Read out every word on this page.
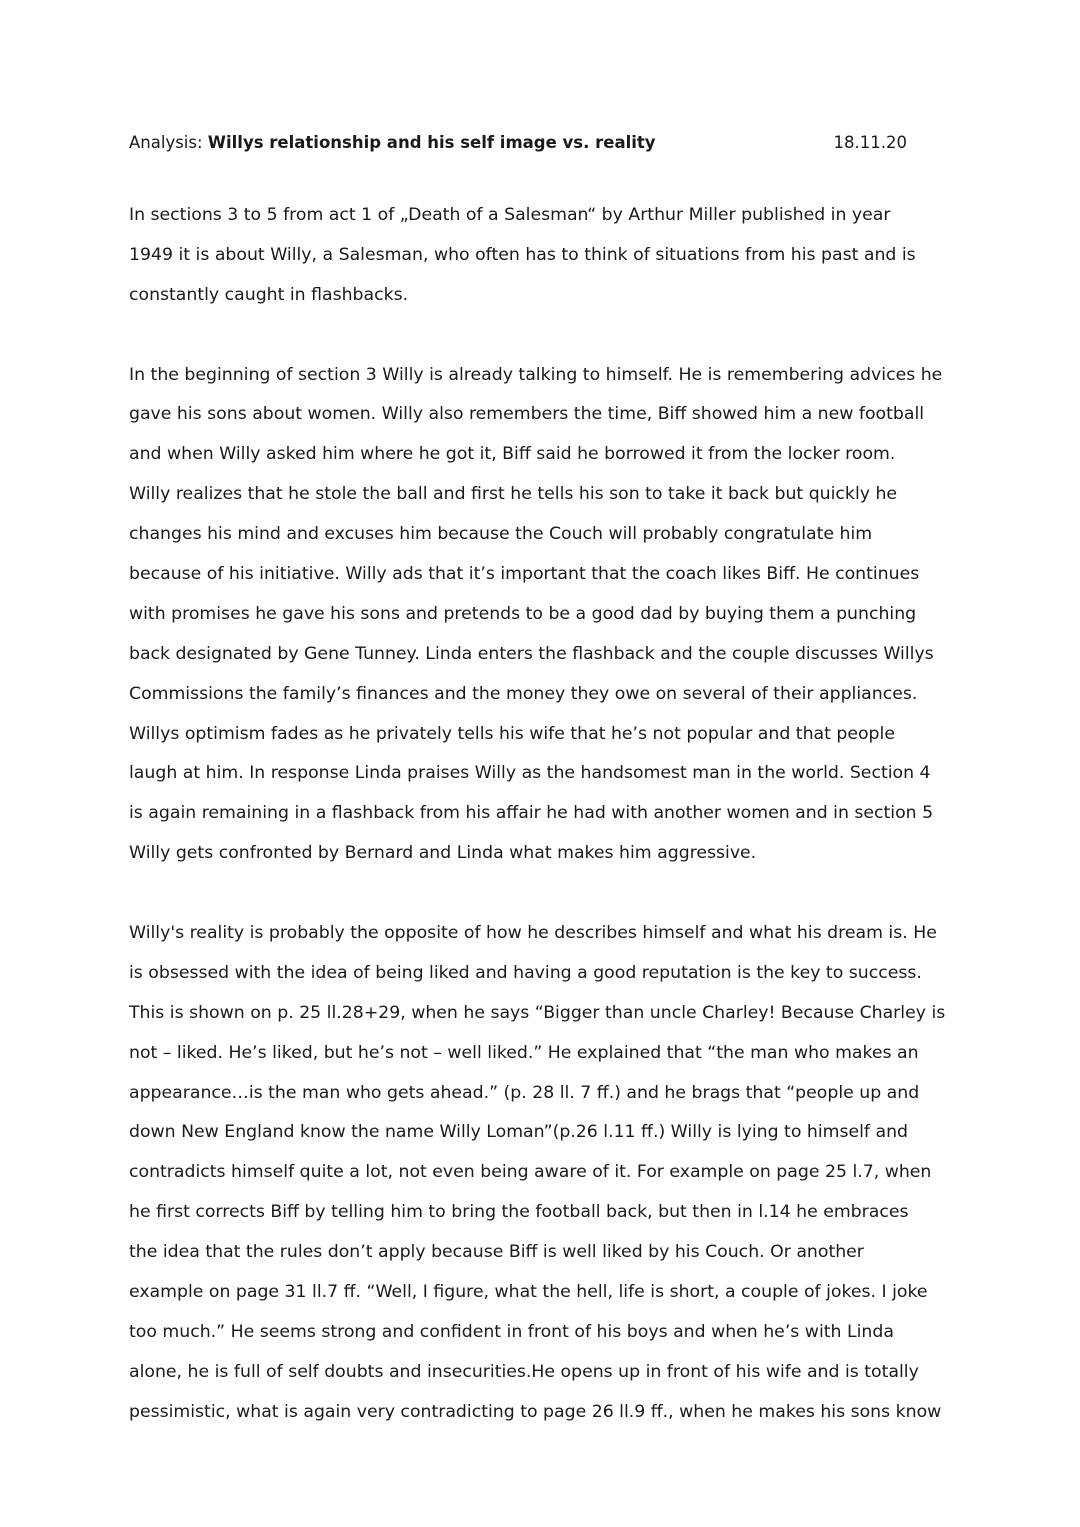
Analysis: Willys relationship and his self image vs. reality	18.11.20
In sections 3 to 5 from act 1 of „Death of a Salesman“ by Arthur Miller published in year
1949 it is about Willy, a Salesman, who often has to think of situations from his past and is
constantly caught in flashbacks.
In the beginning of section 3 Willy is already talking to himself. He is remembering advices he
gave his sons about women. Willy also remembers the time, Biff showed him a new football
and when Willy asked him where he got it, Biff said he borrowed it from the locker room.
Willy realizes that he stole the ball and first he tells his son to take it back but quickly he
changes his mind and excuses him because the Couch will probably congratulate him
because of his initiative. Willy ads that it’s important that the coach likes Biff. He continues
with promises he gave his sons and pretends to be a good dad by buying them a punching
back designated by Gene Tunney. Linda enters the flashback and the couple discusses Willys
Commissions the family’s finances and the money they owe on several of their appliances.
Willys optimism fades as he privately tells his wife that he’s not popular and that people
laugh at him. In response Linda praises Willy as the handsomest man in the world. Section 4
is again remaining in a flashback from his affair he had with another women and in section 5
Willy gets confronted by Bernard and Linda what makes him aggressive.
Willy's reality is probably the opposite of how he describes himself and what his dream is. He
is obsessed with the idea of being liked and having a good reputation is the key to success.
This is shown on p. 25 ll.28+29, when he says “Bigger than uncle Charley! Because Charley is
not – liked. He’s liked, but he’s not – well liked.” He explained that “the man who makes an
appearance…is the man who gets ahead.” (p. 28 ll. 7 ff.) and he brags that “people up and
down New England know the name Willy Loman”(p.26 l.11 ff.) Willy is lying to himself and
contradicts himself quite a lot, not even being aware of it. For example on page 25 l.7, when
he first corrects Biff by telling him to bring the football back, but then in l.14 he embraces
the idea that the rules don’t apply because Biff is well liked by his Couch. Or another
example on page 31 ll.7 ff. “Well, I figure, what the hell, life is short, a couple of jokes. I joke
too much.” He seems strong and confident in front of his boys and when he’s with Linda
alone, he is full of self doubts and insecurities.He opens up in front of his wife and is totally
pessimistic, what is again very contradicting to page 26 ll.9 ff., when he makes his sons know
